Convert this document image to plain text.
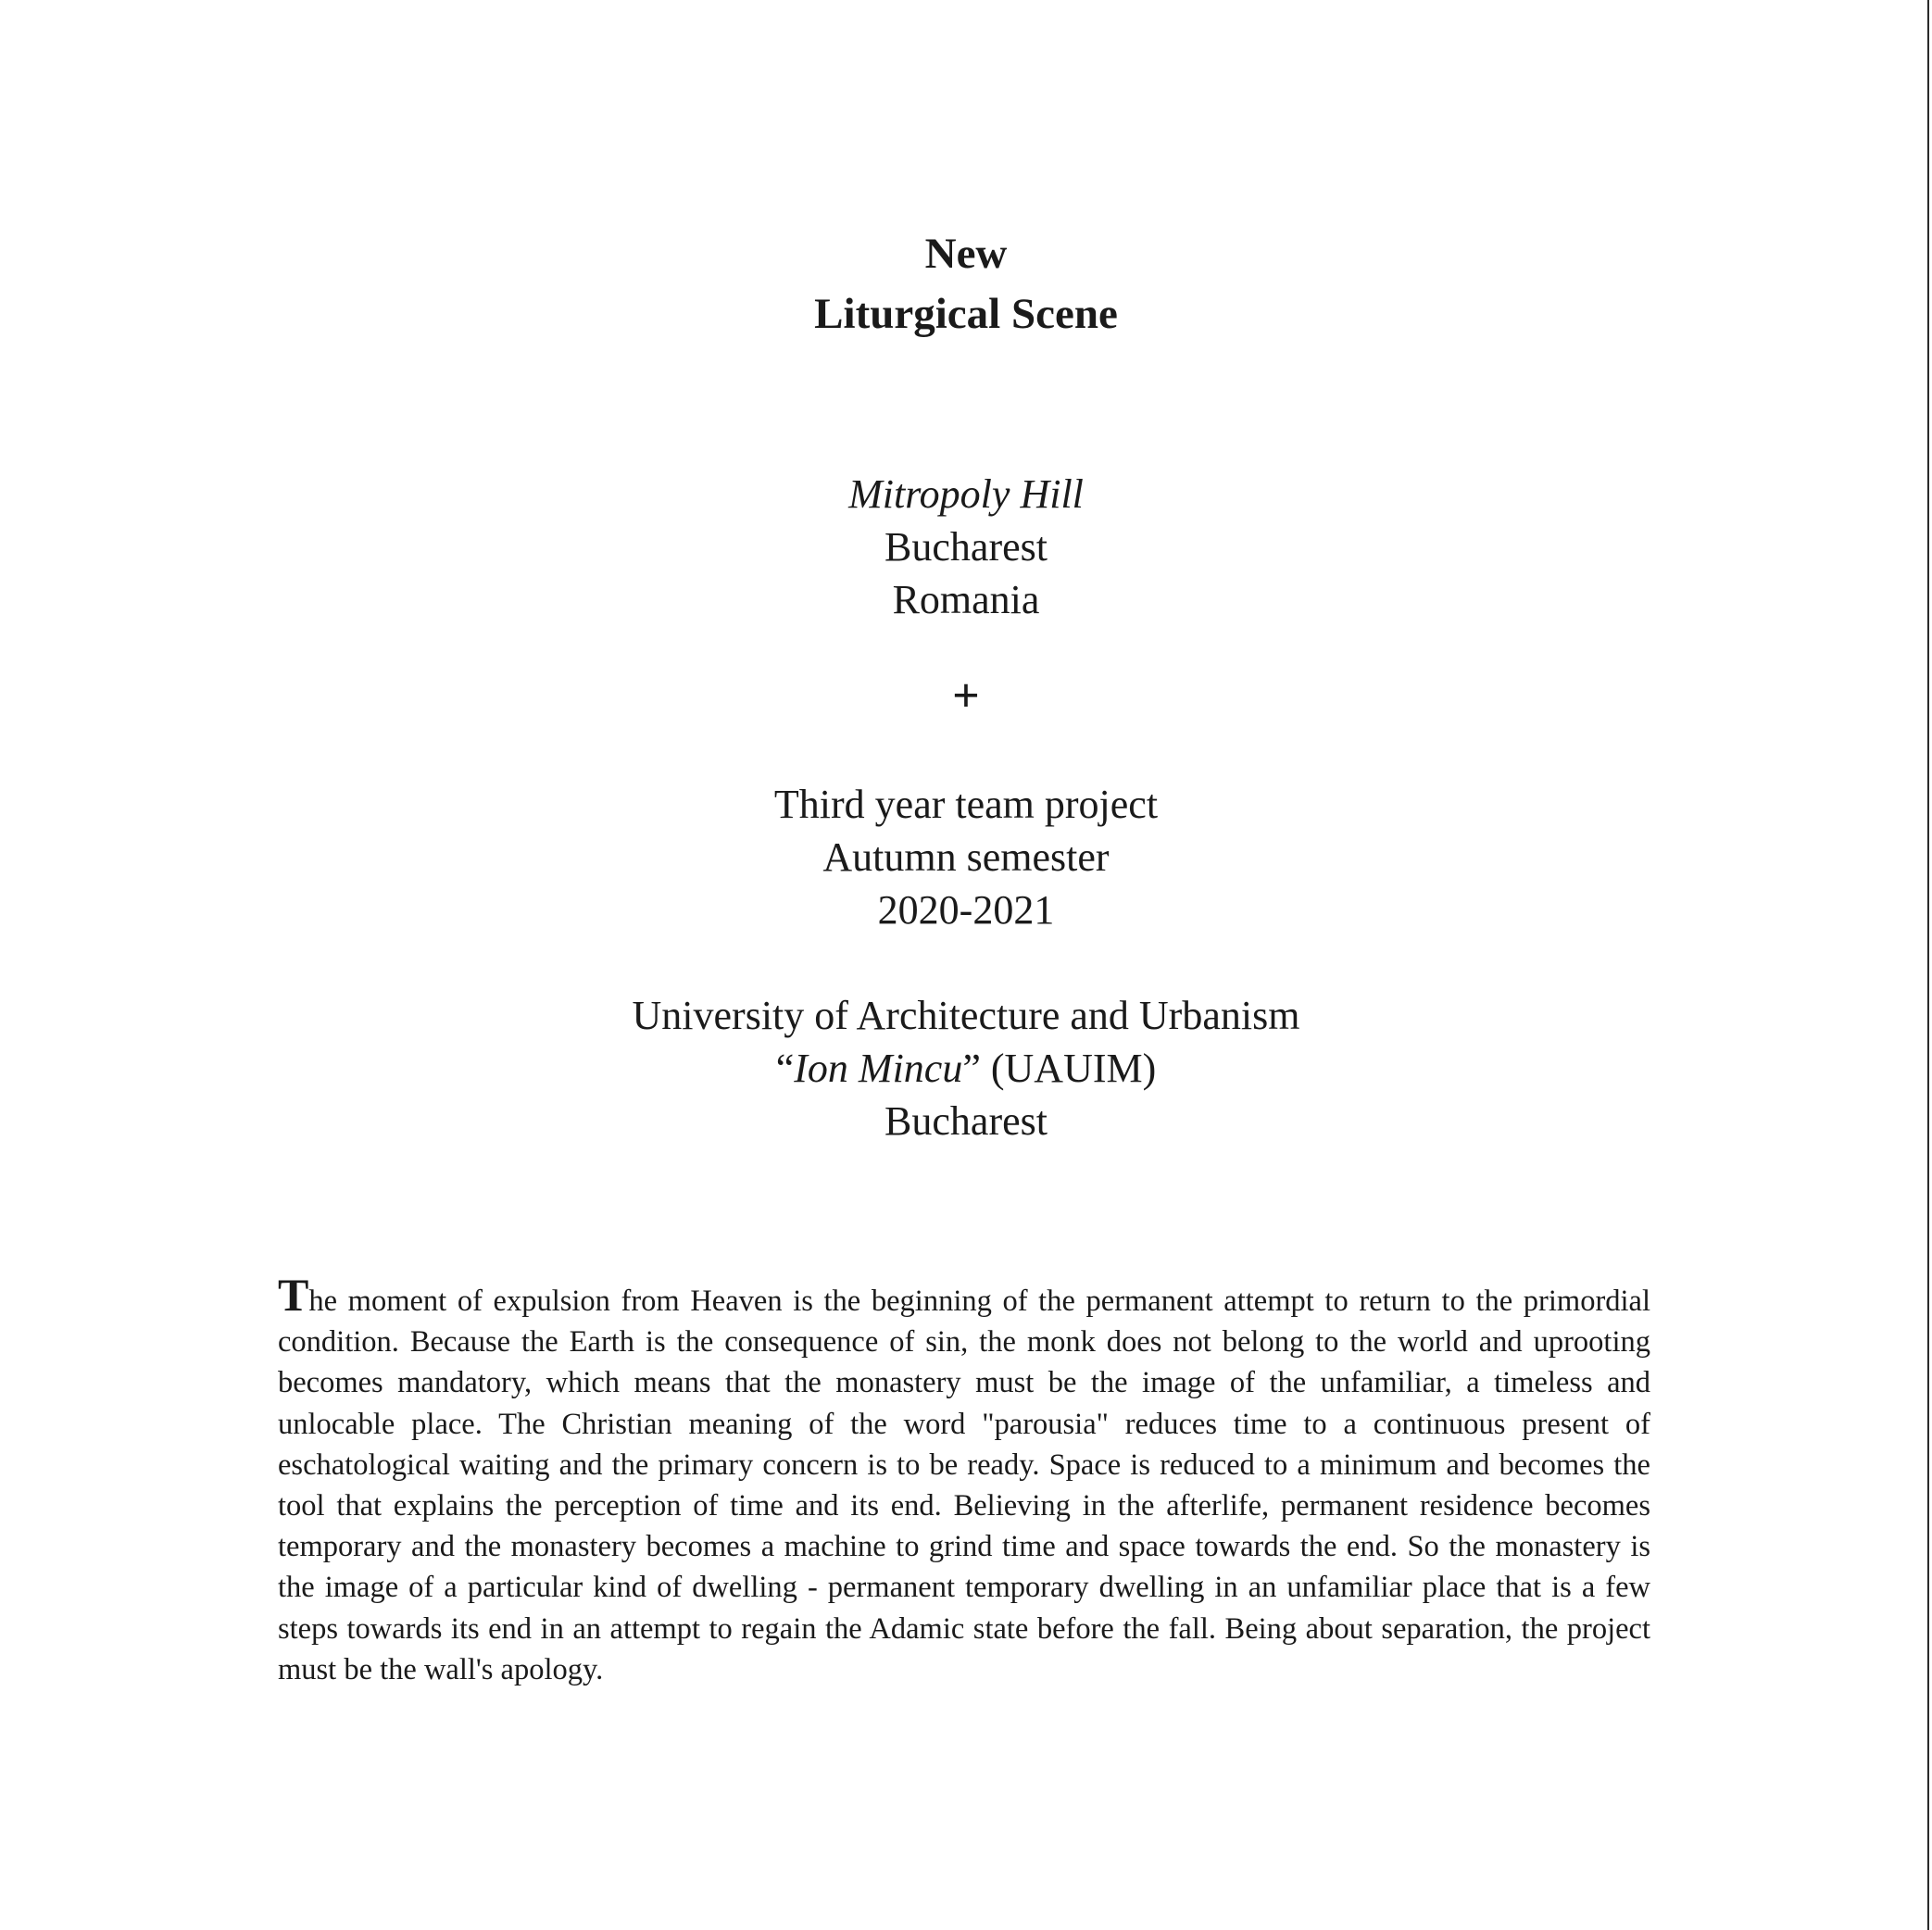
New
Liturgical Scene
Mitropoly Hill
Bucharest
Romania
+
Third year team project
Autumn semester
2020-2021
University of Architecture and Urbanism
“Ion Mincu” (UAUIM)
Bucharest
The moment of expulsion from Heaven is the beginning of the permanent attempt to return to the primordial condition. Because the Earth is the consequence of sin, the monk does not belong to the world and uprooting becomes mandatory, which means that the monastery must be the image of the unfamiliar, a timeless and unlocable place. The Christian meaning of the word "parousia" reduces time to a continuous present of eschatological waiting and the primary concern is to be ready. Space is reduced to a minimum and becomes the tool that explains the perception of time and its end. Believing in the afterlife, permanent residence becomes temporary and the monastery becomes a machine to grind time and space towards the end. So the monastery is the image of a particular kind of dwelling - permanent temporary dwelling in an unfamiliar place that is a few steps towards its end in an attempt to regain the Adamic state before the fall. Being about separation, the project must be the wall's apology.
